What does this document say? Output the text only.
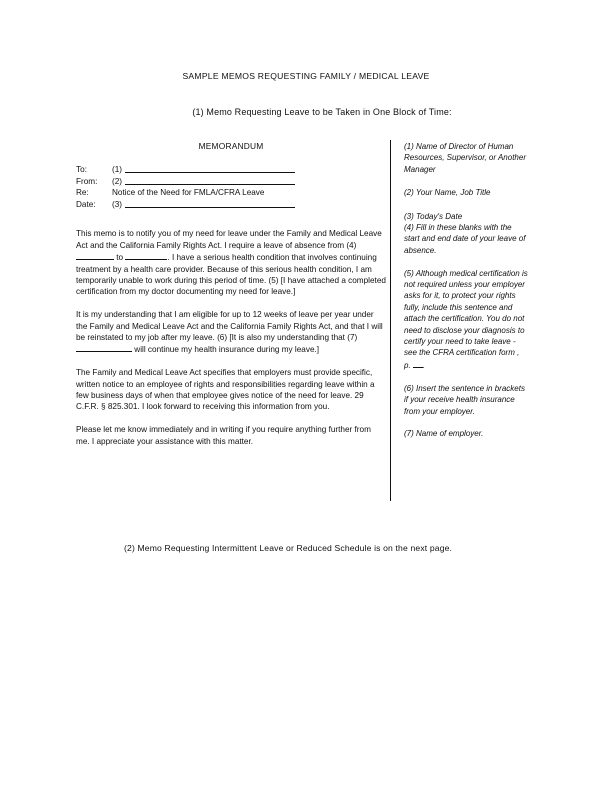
SAMPLE MEMOS REQUESTING FAMILY / MEDICAL LEAVE
(1) Memo Requesting Leave to be Taken in One Block of Time:
MEMORANDUM
To:	(1)
From:	(2)
Re:	Notice of the Need for FMLA/CFRA Leave
Date:	(3)

This memo is to notify you of my need for leave under the Family and Medical Leave Act and the California Family Rights Act. I require a leave of absence from (4) to	. I have a serious health condition that involves continuing treatment by a health care provider. Because of this serious health condition, I am temporarily unable to work during this period of time. (5) [I have attached a completed certification from my doctor documenting my need for leave.]

It is my understanding that I am eligible for up to 12 weeks of leave per year under the Family and Medical Leave Act and the California Family Rights Act, and that I will be reinstated to my job after my leave. (6) [It is also my understanding that (7) will continue my health insurance during my leave.]

The Family and Medical Leave Act specifies that employers must provide specific, written notice to an employee of rights and responsibilities regarding leave within a few business days of when that employee gives notice of the need for leave. 29 C.F.R. § 825.301. I look forward to receiving this information from you.

Please let me know immediately and in writing if you require anything further from me. I appreciate your assistance with this matter.

(1) Name of Director of Human Resources, Supervisor, or Another Manager

(2) Your Name, Job Title

(3) Today's Date

(4) Fill in these blanks with the start and end date of your leave of absence.

(5) Although medical certification is not required unless your employer asks for it, to protect your rights fully, include this sentence and attach the certification. You do not need to disclose your diagnosis to certify your need to take leave - see the CFRA certification form , p. .

(6) Insert the sentence in brackets if your receive health insurance from your employer.

(7) Name of employer.

(2) Memo Requesting Intermittent Leave or Reduced Schedule is on the next page.
